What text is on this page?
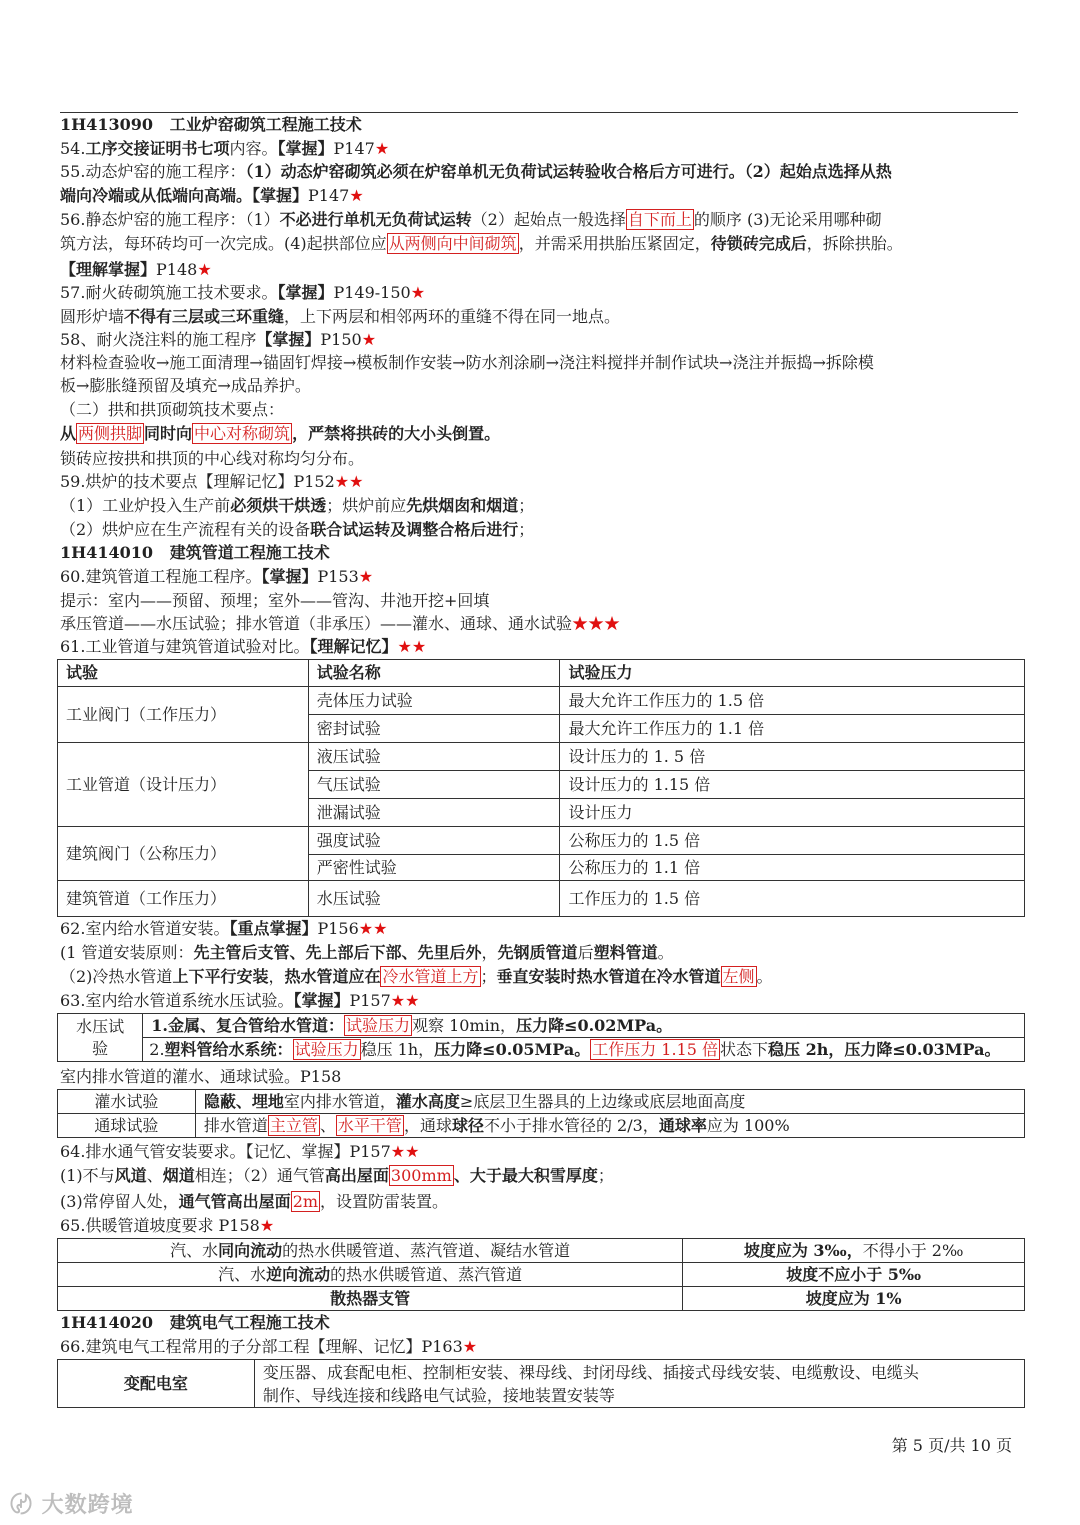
1H413090 工业炉窑砌筑工程施工技术
54.工序交接证明书七项内容。【掌握】P147★
55.动态炉窑的施工程序：（1）动态炉窑砌筑必须在炉窑单机无负荷试运转验收合格后方可进行。（2）起始点选择从热
端向冷端或从低端向高端。【掌握】P147★
56.静态炉窑的施工程序：（1）不必进行单机无负荷试运转（2）起始点一般选择 自下而上 的顺序 (3)无论采用哪种砌
筑方法，每环砖均可一次完成。(4)起拱部位应 从两侧向中间砌筑 ，并需采用拱胎压紧固定，待锁砖完成后，拆除拱胎。
【理解掌握】P148★
57.耐火砖砌筑施工技术要求。【掌握】P149-150★
圆形炉墙不得有三层或三环重缝，上下两层和相邻两环的重缝不得在同一地点。
58、耐火浇注料的施工程序【掌握】P150★
材料检查验收→施工面清理→锚固钉焊接→模板制作安装→防水剂涂刷→浇注料搅拌并制作试块→浇注并振捣→拆除模
板→膨胀缝预留及填充→成品养护。
（二）拱和拱顶砌筑技术要点：
从 两侧拱脚 同时向 中心对称砌筑 ，严禁将拱砖的大小头倒置。
锁砖应按拱和拱顶的中心线对称均匀分布。
59.烘炉的技术要点【理解记忆】P152★★
（1）工业炉投入生产前必须烘干烘透；烘炉前应先烘烟囱和烟道；
（2）烘炉应在生产流程有关的设备联合试运转及调整合格后进行；
1H414010 建筑管道工程施工技术
60.建筑管道工程施工程序。【掌握】P153★
提示：室内——预留、预埋；室外——管沟、井池开挖+回填
承压管道——水压试验；排水管道（非承压）——灌水、通球、通水试验★★★
61.工业管道与建筑管道试验对比。【理解记忆】★★
试验	试验名称	试验压力
工业阀门（工作压力）	壳体压力试验	最大允许工作压力的 1.5 倍
	密封试验	最大允许工作压力的 1.1 倍
工业管道（设计压力）	液压试验	设计压力的 1. 5 倍
	气压试验	设计压力的 1.15 倍
	泄漏试验	设计压力
建筑阀门（公称压力）	强度试验	公称压力的 1.5 倍
	严密性试验	公称压力的 1.1 倍
建筑管道（工作压力）	水压试验	工作压力的 1.5 倍
62.室内给水管道安装。【重点掌握】P156★★
(1 管道安装原则：先主管后支管、先上部后下部、先里后外，先钢质管道后塑料管道。
（2)冷热水管道上下平行安装，热水管道应在 冷水管道上方 ；垂直安装时热水管道在冷水管道 左侧 。
63.室内给水管道系统水压试验。【掌握】P157★★
水压试
验	1.金属、复合管给水管道： 试验压力 观察 10min，压力降≤0.02MPa。
2.塑料管给水系统： 试验压力 稳压 1h，压力降≤0.05MPa。 工作压力 1.15 倍 状态下稳压 2h，压力降≤0.03MPa。
室内排水管道的灌水、通球试验。P158
灌水试验	隐蔽、埋地室内排水管道，灌水高度≥底层卫生器具的上边缘或底层地面高度
通球试验	排水管道 主立管 、 水平干管 ，通球球径不小于排水管径的 2/3，通球率应为 100%
64.排水通气管安装要求。【记忆、掌握】P157★★
(1)不与风道、烟道相连；（2）通气管高出屋面 300mm 、大于最大积雪厚度；
(3)常停留人处，通气管高出屋面 2m ，设置防雷装置。
65.供暖管道坡度要求 P158★
汽、水同向流动的热水供暖管道、蒸汽管道、凝结水管道	坡度应为 3‰，不得小于 2‰
汽、水逆向流动的热水供暖管道、蒸汽管道	坡度不应小于 5‰
散热器支管	坡度应为 1%
1H414020 建筑电气工程施工技术
66.建筑电气工程常用的子分部工程【理解、记忆】P163★
变配电室	变压器、成套配电柜、控制柜安装、裸母线、封闭母线、插接式母线安装、电缆敷设、电缆头
制作、导线连接和线路电气试验，接地装置安装等
第 5 页/共 10 页
〄 大数跨境
